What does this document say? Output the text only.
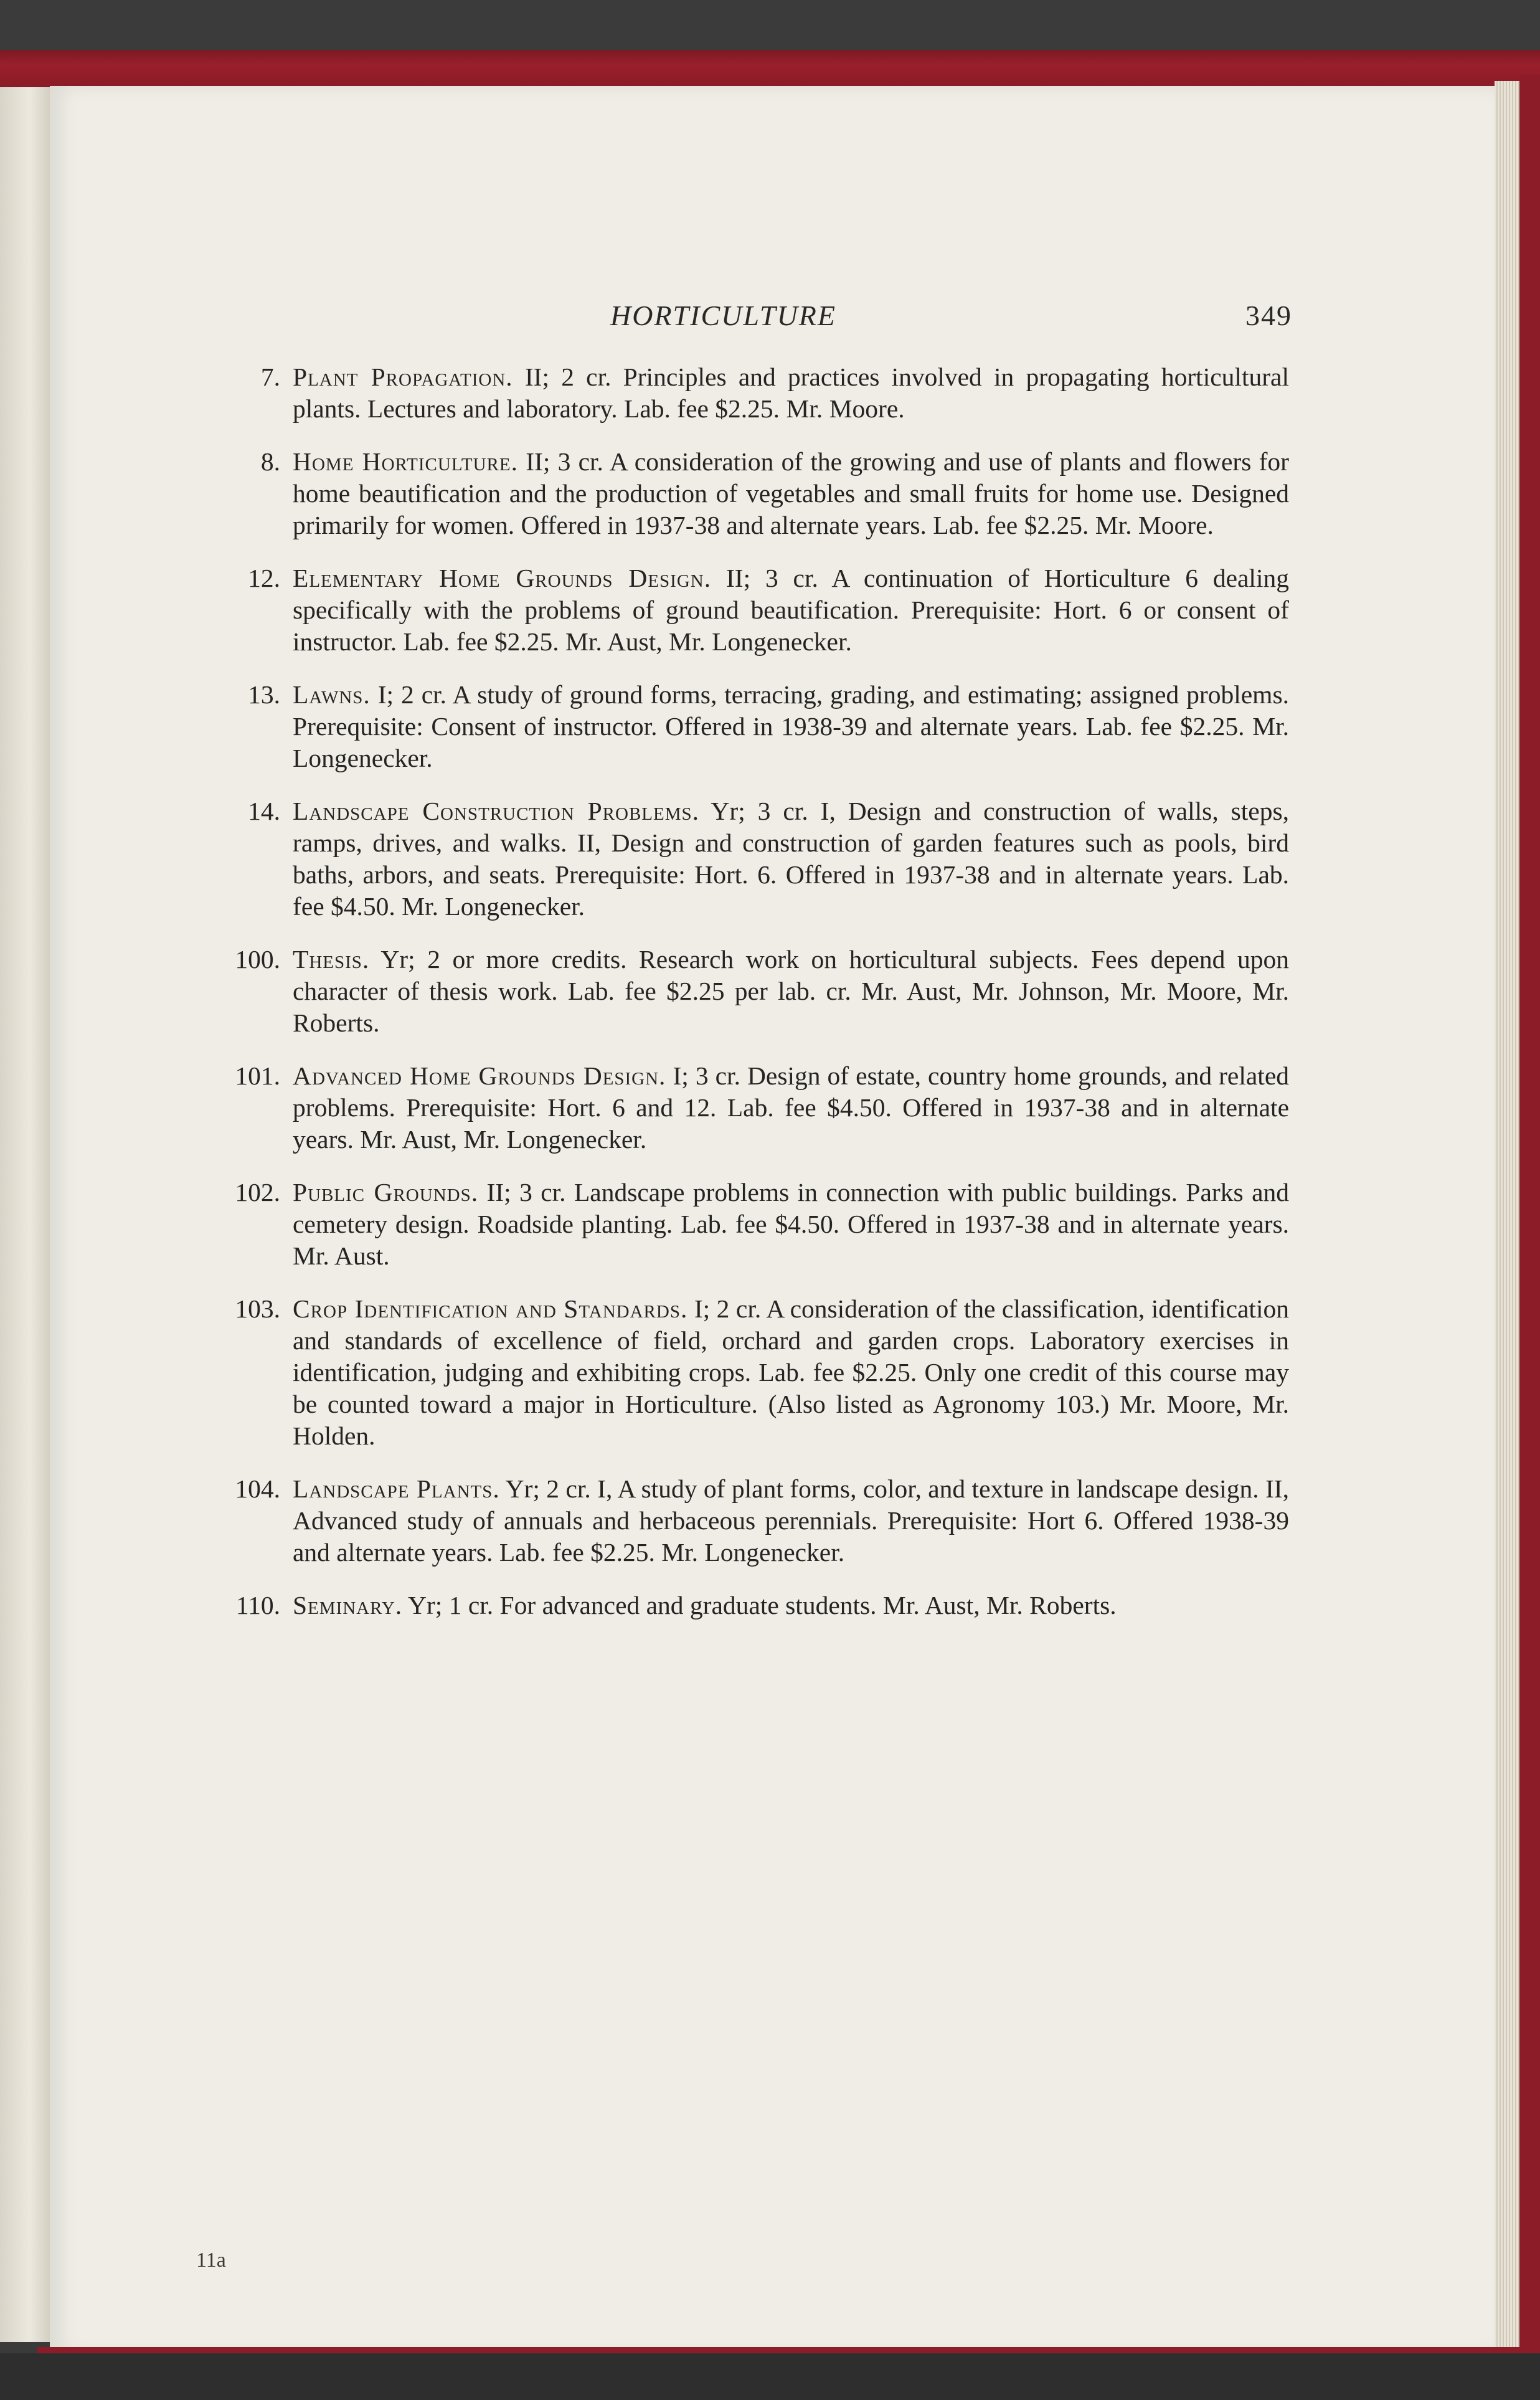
HORTICULTURE	349
7. Plant Propagation. II; 2 cr. Principles and practices involved in propagating horticultural plants. Lectures and laboratory. Lab. fee $2.25. Mr. Moore.
8. Home Horticulture. II; 3 cr. A consideration of the growing and use of plants and flowers for home beautification and the production of vegetables and small fruits for home use. Designed primarily for women. Offered in 1937-38 and alternate years. Lab. fee $2.25. Mr. Moore.
12. Elementary Home Grounds Design. II; 3 cr. A continuation of Horticulture 6 dealing specifically with the problems of ground beautification. Prerequisite: Hort. 6 or consent of instructor. Lab. fee $2.25. Mr. Aust, Mr. Longenecker.
13. Lawns. I; 2 cr. A study of ground forms, terracing, grading, and estimating; assigned problems. Prerequisite: Consent of instructor. Offered in 1938-39 and alternate years. Lab. fee $2.25. Mr. Longenecker.
14. Landscape Construction Problems. Yr; 3 cr. I, Design and construction of walls, steps, ramps, drives, and walks. II, Design and construction of garden features such as pools, bird baths, arbors, and seats. Prerequisite: Hort. 6. Offered in 1937-38 and in alternate years. Lab. fee $4.50. Mr. Longenecker.
100. Thesis. Yr; 2 or more credits. Research work on horticultural subjects. Fees depend upon character of thesis work. Lab. fee $2.25 per lab. cr. Mr. Aust, Mr. Johnson, Mr. Moore, Mr. Roberts.
101. Advanced Home Grounds Design. I; 3 cr. Design of estate, country home grounds, and related problems. Prerequisite: Hort. 6 and 12. Lab. fee $4.50. Offered in 1937-38 and in alternate years. Mr. Aust, Mr. Longenecker.
102. Public Grounds. II; 3 cr. Landscape problems in connection with public buildings. Parks and cemetery design. Roadside planting. Lab. fee $4.50. Offered in 1937-38 and in alternate years. Mr. Aust.
103. Crop Identification and Standards. I; 2 cr. A consideration of the classification, identification and standards of excellence of field, orchard and garden crops. Laboratory exercises in identification, judging and exhibiting crops. Lab. fee $2.25. Only one credit of this course may be counted toward a major in Horticulture. (Also listed as Agronomy 103.) Mr. Moore, Mr. Holden.
104. Landscape Plants. Yr; 2 cr. I, A study of plant forms, color, and texture in landscape design. II, Advanced study of annuals and herbaceous perennials. Prerequisite: Hort 6. Offered 1938-39 and alternate years. Lab. fee $2.25. Mr. Longenecker.
110. Seminary. Yr; 1 cr. For advanced and graduate students. Mr. Aust, Mr. Roberts.
11a
